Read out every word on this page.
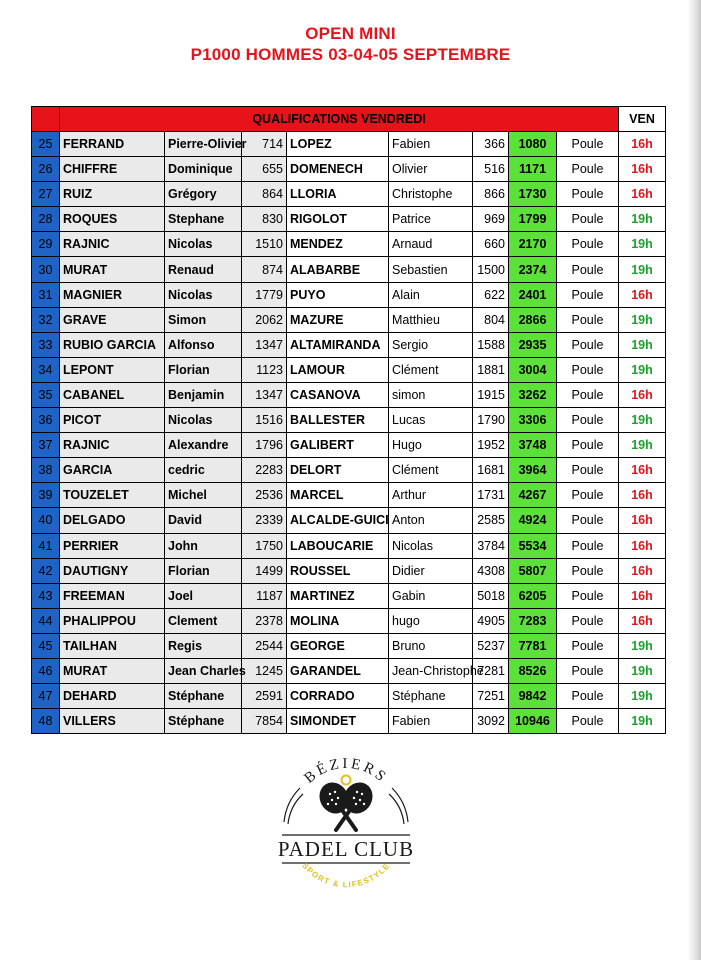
OPEN MINI
P1000 HOMMES 03-04-05 SEPTEMBRE
	QUALIFICATIONS VENDREDI								VEN
25	FERRAND	Pierre-Olivier	714	LOPEZ	Fabien	366	1080	Poule	16h
26	CHIFFRE	Dominique	655	DOMENECH	Olivier	516	1171	Poule	16h
27	RUIZ	Grégory	864	LLORIA	Christophe	866	1730	Poule	16h
28	ROQUES	Stephane	830	RIGOLOT	Patrice	969	1799	Poule	19h
29	RAJNIC	Nicolas	1510	MENDEZ	Arnaud	660	2170	Poule	19h
30	MURAT	Renaud	874	ALABARBE	Sebastien	1500	2374	Poule	19h
31	MAGNIER	Nicolas	1779	PUYO	Alain	622	2401	Poule	16h
32	GRAVE	Simon	2062	MAZURE	Matthieu	804	2866	Poule	19h
33	RUBIO GARCIA	Alfonso	1347	ALTAMIRANDA	Sergio	1588	2935	Poule	19h
34	LEPONT	Florian	1123	LAMOUR	Clément	1881	3004	Poule	19h
35	CABANEL	Benjamin	1347	CASANOVA	simon	1915	3262	Poule	16h
36	PICOT	Nicolas	1516	BALLESTER	Lucas	1790	3306	Poule	19h
37	RAJNIC	Alexandre	1796	GALIBERT	Hugo	1952	3748	Poule	19h
38	GARCIA	cedric	2283	DELORT	Clément	1681	3964	Poule	16h
39	TOUZELET	Michel	2536	MARCEL	Arthur	1731	4267	Poule	16h
40	DELGADO	David	2339	ALCALDE-GUICI	Anton	2585	4924	Poule	16h
41	PERRIER	John	1750	LABOUCARIE	Nicolas	3784	5534	Poule	16h
42	DAUTIGNY	Florian	1499	ROUSSEL	Didier	4308	5807	Poule	16h
43	FREEMAN	Joel	1187	MARTINEZ	Gabin	5018	6205	Poule	16h
44	PHALIPPOU	Clement	2378	MOLINA	hugo	4905	7283	Poule	16h
45	TAILHAN	Regis	2544	GEORGE	Bruno	5237	7781	Poule	19h
46	MURAT	Jean Charles	1245	GARANDEL	Jean-Christophe	7281	8526	Poule	19h
47	DEHARD	Stéphane	2591	CORRADO	Stéphane	7251	9842	Poule	19h
48	VILLERS	Stéphane	7854	SIMONDET	Fabien	3092	10946	Poule	19h
BÉZIERS
PADEL CLUB
SPORT & LIFESTYLE
